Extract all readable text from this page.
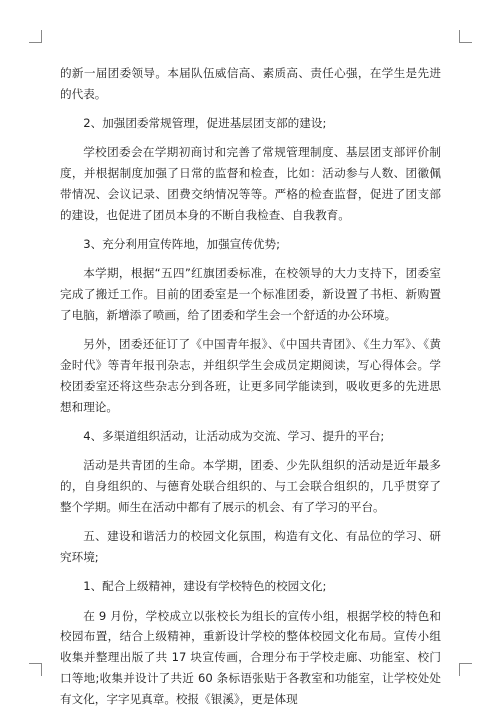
的新一届团委领导。本届队伍威信高、素质高、责任心强，在学生是先进的代表。

2、加强团委常规管理，促进基层团支部的建设;

学校团委会在学期初商讨和完善了常规管理制度、基层团支部评价制度，并根据制度加强了日常的监督和检查，比如：活动参与人数、团徽佩带情况、会议记录、团费交纳情况等等。严格的检查监督，促进了团支部的建设，也促进了团员本身的不断自我检查、自我教育。

3、充分利用宣传阵地，加强宣传优势;

本学期，根据“五四”红旗团委标准，在校领导的大力支持下，团委室完成了搬迁工作。目前的团委室是一个标准团委，新设置了书柜、新购置了电脑，新增添了喷画，给了团委和学生会一个舒适的办公环境。

另外，团委还征订了《中国青年报》、《中国共青团》、《生力军》、《黄金时代》等青年报刊杂志，并组织学生会成员定期阅读，写心得体会。学校团委室还将这些杂志分到各班，让更多同学能读到，吸收更多的先进思想和理论。

4、多渠道组织活动，让活动成为交流、学习、提升的平台;

活动是共青团的生命。本学期，团委、少先队组织的活动是近年最多的，自身组织的、与德育处联合组织的、与工会联合组织的，几乎贯穿了整个学期。师生在活动中都有了展示的机会、有了学习的平台。

五、建设和谐活力的校园文化氛围，构造有文化、有品位的学习、研究环境;

1、配合上级精神，建设有学校特色的校园文化;

在 9 月份，学校成立以张校长为组长的宣传小组，根据学校的特色和校园布置，结合上级精神，重新设计学校的整体校园文化布局。宣传小组收集并整理出版了共 17 块宣传画，合理分布于学校走廊、功能室、校门口等地;收集并设计了共近 60 条标语张贴于各教室和功能室，让学校处处有文化，字字见真章。校报《银溪》，更是体现
